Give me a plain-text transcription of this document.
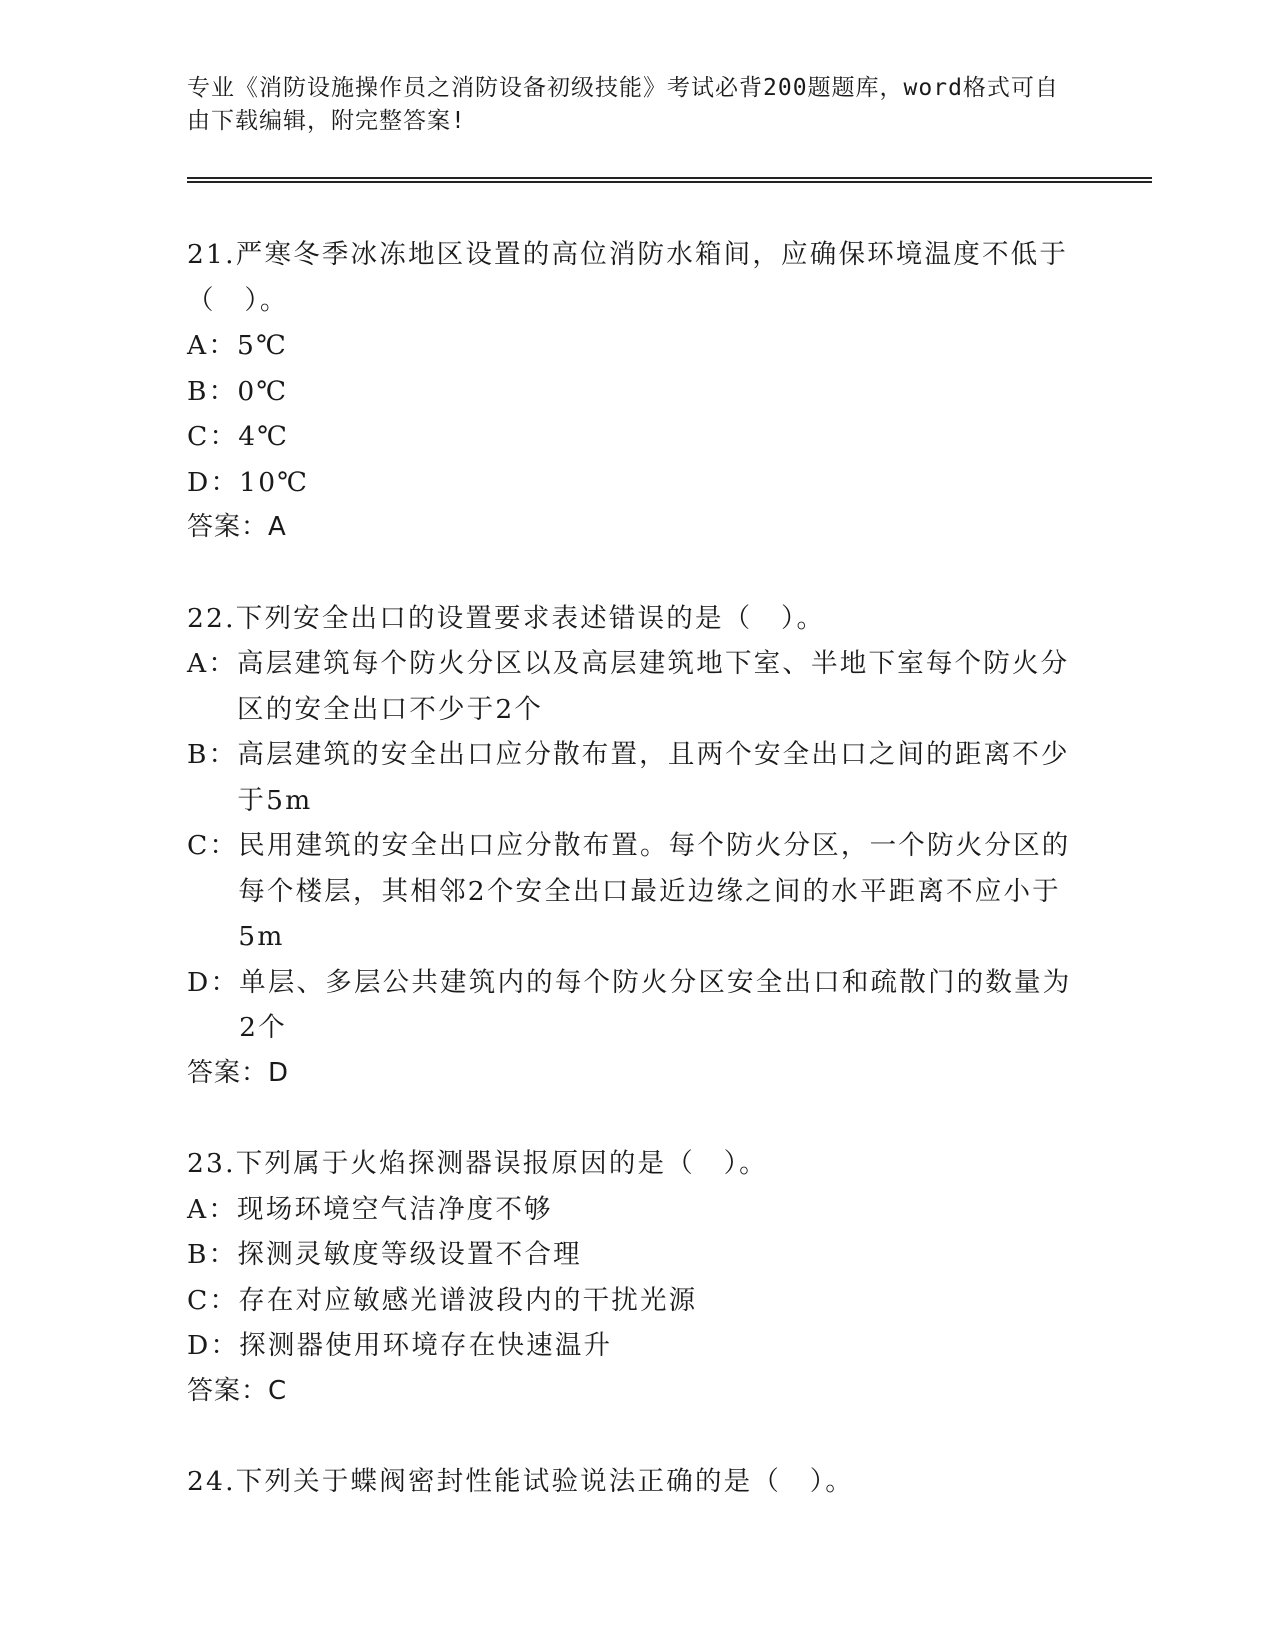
专业《消防设施操作员之消防设备初级技能》考试必背200题题库，word格式可自由下载编辑，附完整答案!
21.严寒冬季冰冻地区设置的高位消防水箱间，应确保环境温度不低于（　）。
A： 5℃
B： 0℃
C： 4℃
D： 10℃
答案：A
22.下列安全出口的设置要求表述错误的是（　）。
A： 高层建筑每个防火分区以及高层建筑地下室、半地下室每个防火分区的安全出口不少于2个
B： 高层建筑的安全出口应分散布置，且两个安全出口之间的距离不少于5m
C： 民用建筑的安全出口应分散布置。每个防火分区，一个防火分区的每个楼层，其相邻2个安全出口最近边缘之间的水平距离不应小于5m
D： 单层、多层公共建筑内的每个防火分区安全出口和疏散门的数量为2个
答案：D
23.下列属于火焰探测器误报原因的是（　）。
A： 现场环境空气洁净度不够
B： 探测灵敏度等级设置不合理
C： 存在对应敏感光谱波段内的干扰光源
D： 探测器使用环境存在快速温升
答案：C
24.下列关于蝶阀密封性能试验说法正确的是（　）。
